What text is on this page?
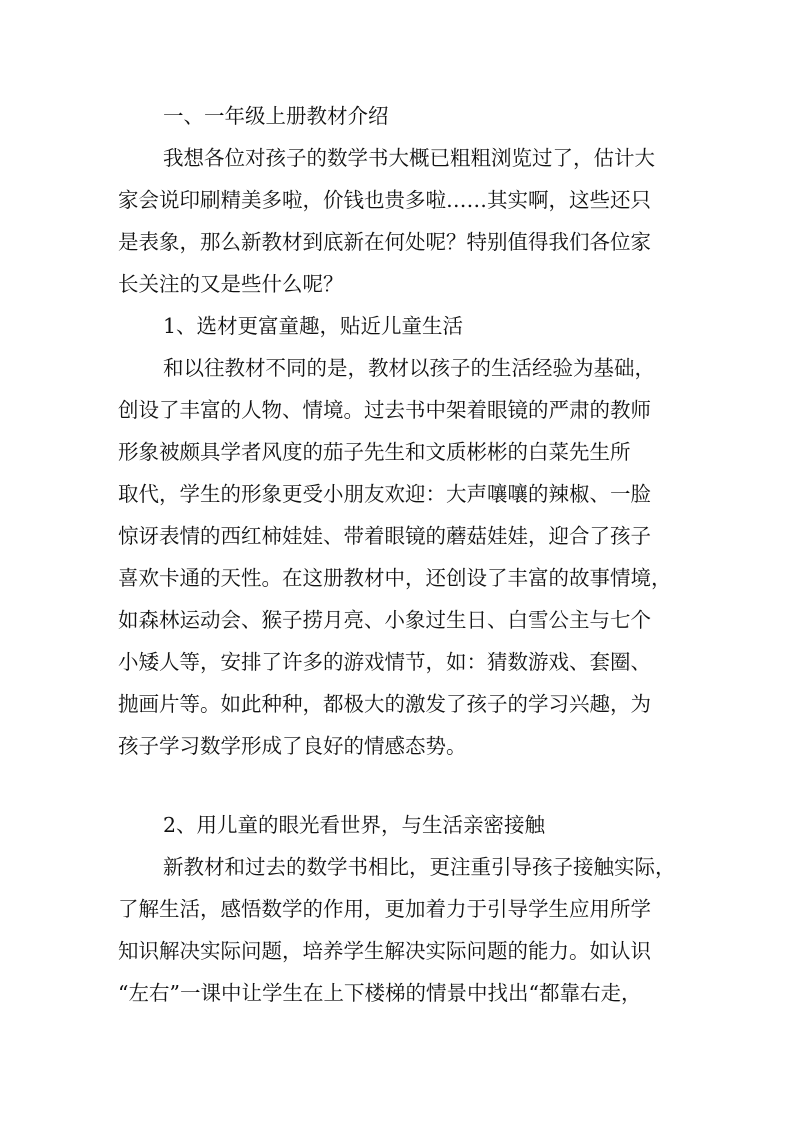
一、一年级上册教材介绍
我想各位对孩子的数学书大概已粗粗浏览过了，估计大
家会说印刷精美多啦，价钱也贵多啦……其实啊，这些还只
是表象，那么新教材到底新在何处呢？特别值得我们各位家
长关注的又是些什么呢？
1、选材更富童趣，贴近儿童生活
和以往教材不同的是，教材以孩子的生活经验为基础，
创设了丰富的人物、情境。过去书中架着眼镜的严肃的教师
形象被颇具学者风度的茄子先生和文质彬彬的白菜先生所
取代，学生的形象更受小朋友欢迎：大声嚷嚷的辣椒、一脸
惊讶表情的西红柿娃娃、带着眼镜的蘑菇娃娃，迎合了孩子
喜欢卡通的天性。在这册教材中，还创设了丰富的故事情境，
如森林运动会、猴子捞月亮、小象过生日、白雪公主与七个
小矮人等，安排了许多的游戏情节，如：猜数游戏、套圈、
抛画片等。如此种种，都极大的激发了孩子的学习兴趣，为
孩子学习数学形成了良好的情感态势。
2、用儿童的眼光看世界，与生活亲密接触
新教材和过去的数学书相比，更注重引导孩子接触实际，
了解生活，感悟数学的作用，更加着力于引导学生应用所学
知识解决实际问题，培养学生解决实际问题的能力。如认识
“左右”一课中让学生在上下楼梯的情景中找出“都靠右走，
